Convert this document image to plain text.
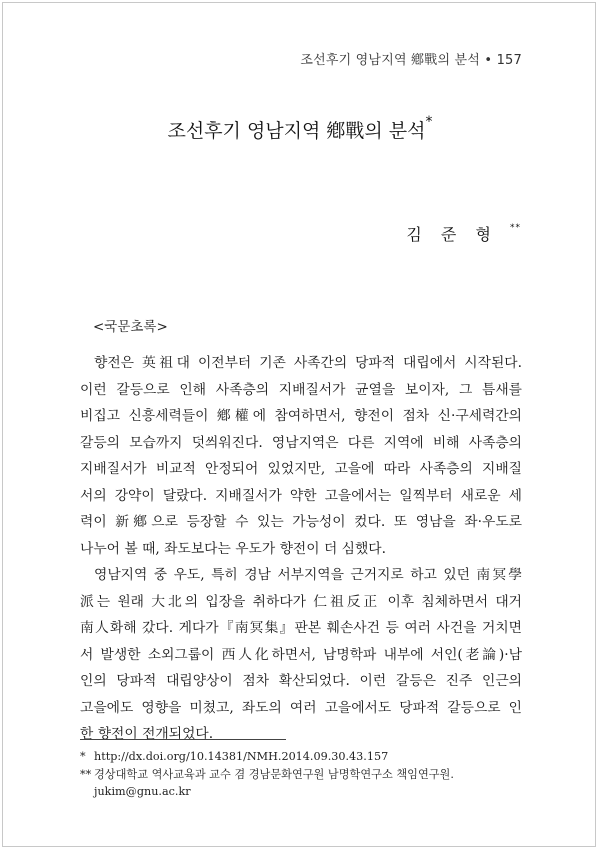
조선후기 영남지역 鄕戰의 분석 • 157
조선후기 영남지역 鄕戰의 분석*
김 준 형 **
<국문초록>
향전은 英祖대 이전부터 기존 사족간의 당파적 대립에서 시작된다.
이런 갈등으로 인해 사족층의 지배질서가 균열을 보이자, 그 틈새를
비집고 신흥세력들이 鄕權에 참여하면서, 향전이 점차 신·구세력간의
갈등의 모습까지 덧씌워진다. 영남지역은 다른 지역에 비해 사족층의
지배질서가 비교적 안정되어 있었지만, 고을에 따라 사족층의 지배질
서의 강약이 달랐다. 지배질서가 약한 고을에서는 일찍부터 새로운 세
력이 新鄕으로 등장할 수 있는 가능성이 컸다. 또 영남을 좌·우도로
나누어 볼 때, 좌도보다는 우도가 향전이 더 심했다.
영남지역 중 우도, 특히 경남 서부지역을 근거지로 하고 있던 南冥學
派는 원래 大北의 입장을 취하다가 仁祖反正 이후 침체하면서 대거
南人화해 갔다. 게다가『南冥集』판본 훼손사건 등 여러 사건을 거치면
서 발생한 소외그룹이 西人化하면서, 남명학파 내부에 서인(老論)·남
인의 당파적 대립양상이 점차 확산되었다. 이런 갈등은 진주 인근의
고을에도 영향을 미쳤고, 좌도의 여러 고을에서도 당파적 갈등으로 인
한 향전이 전개되었다.
* http://dx.doi.org/10.14381/NMH.2014.09.30.43.157
** 경상대학교 역사교육과 교수 겸 경남문화연구원 남명학연구소 책임연구원.
jukim@gnu.ac.kr
